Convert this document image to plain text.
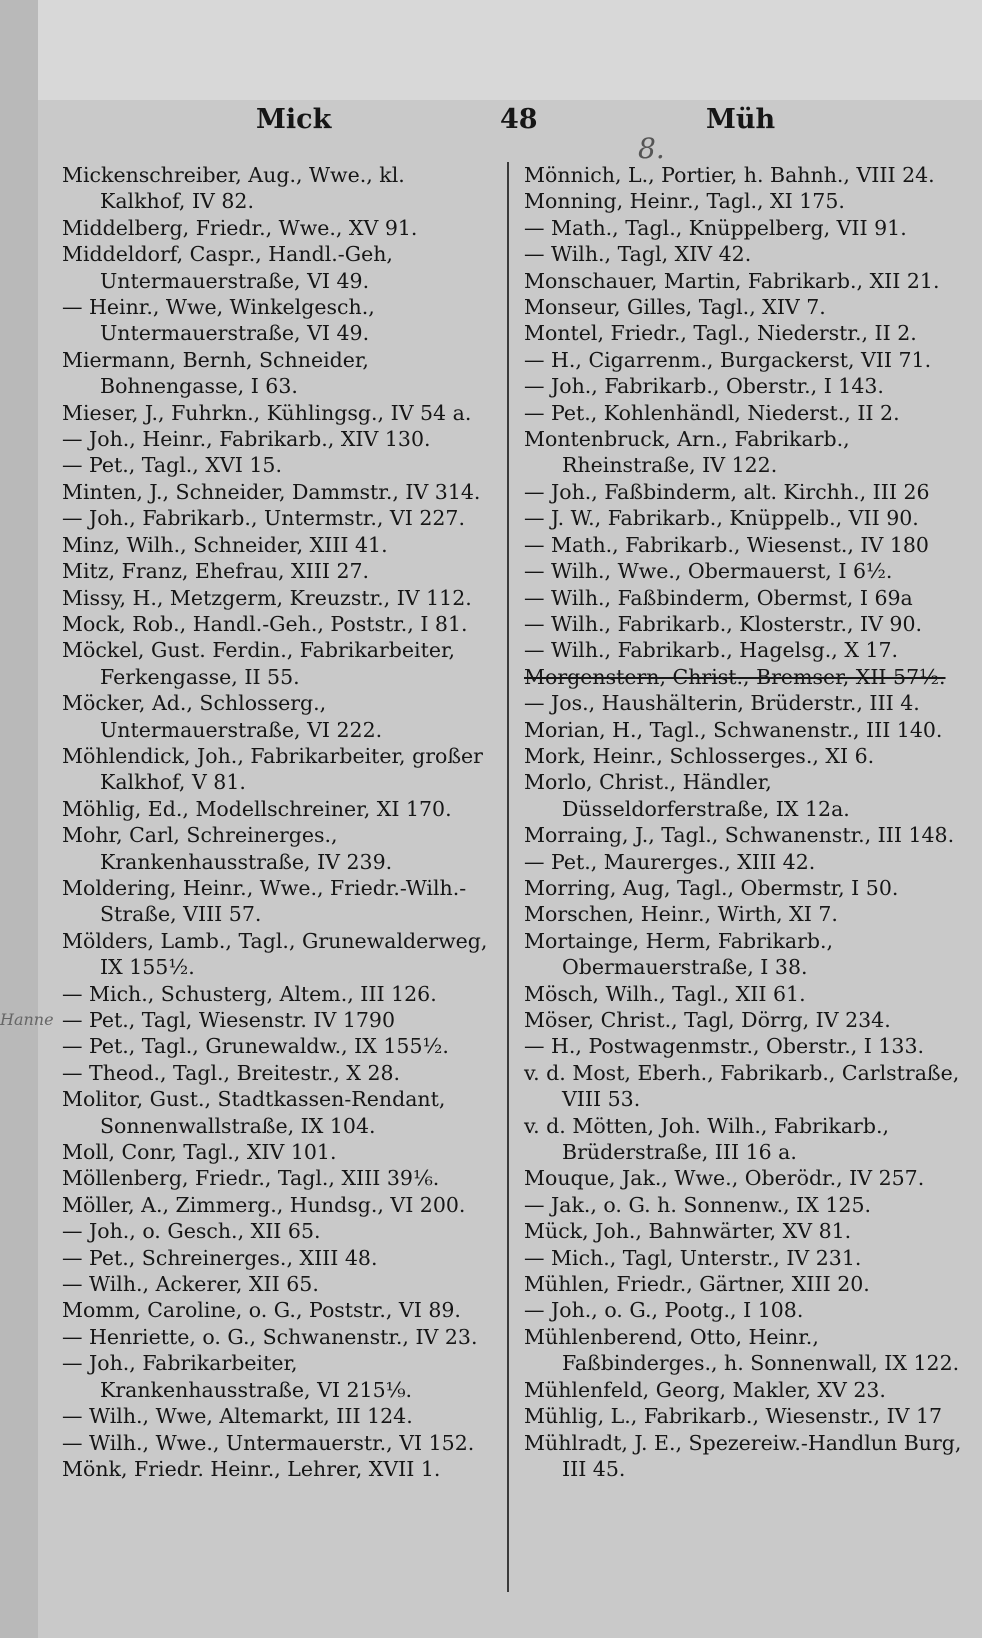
Mick	48	Müh
8.
Hanne
Mickenschreiber, Aug., Wwe., kl. Kalkhof, IV 82.
Middelberg, Friedr., Wwe., XV 91.
Middeldorf, Caspr., Handl.-Geh, Untermauerstraße, VI 49.
— Heinr., Wwe, Winkelgesch., Untermauerstraße, VI 49.
Miermann, Bernh, Schneider, Bohnengasse, I 63.
Mieser, J., Fuhrkn., Kühlingsg., IV 54 a.
— Joh., Heinr., Fabrikarb., XIV 130.
— Pet., Tagl., XVI 15.
Minten, J., Schneider, Dammstr., IV 314.
— Joh., Fabrikarb., Untermstr., VI 227.
Minz, Wilh., Schneider, XIII 41.
Mitz, Franz, Ehefrau, XIII 27.
Missy, H., Metzgerm, Kreuzstr., IV 112.
Mock, Rob., Handl.-Geh., Poststr., I 81.
Möckel, Gust. Ferdin., Fabrikarbeiter, Ferkengasse, II 55.
Möcker, Ad., Schlosserg., Untermauerstraße, VI 222.
Möhlendick, Joh., Fabrikarbeiter, großer Kalkhof, V 81.
Möhlig, Ed., Modellschreiner, XI 170.
Mohr, Carl, Schreinerges., Krankenhausstraße, IV 239.
Moldering, Heinr., Wwe., Friedr.-Wilh.-Straße, VIII 57.
Mölders, Lamb., Tagl., Grunewalderweg, IX 155½.
— Mich., Schusterg, Altem., III 126.
— Pet., Tagl, Wiesenstr. IV 1790
— Pet., Tagl., Grunewaldw., IX 155½.
— Theod., Tagl., Breitestr., X 28.
Molitor, Gust., Stadtkassen-Rendant, Sonnenwallstraße, IX 104.
Moll, Conr, Tagl., XIV 101.
Möllenberg, Friedr., Tagl., XIII 39⅙.
Möller, A., Zimmerg., Hundsg., VI 200.
— Joh., o. Gesch., XII 65.
— Pet., Schreinerges., XIII 48.
— Wilh., Ackerer, XII 65.
Momm, Caroline, o. G., Poststr., VI 89.
— Henriette, o. G., Schwanenstr., IV 23.
— Joh., Fabrikarbeiter, Krankenhausstraße, VI 215⅑.
— Wilh., Wwe, Altemarkt, III 124.
— Wilh., Wwe., Untermauerstr., VI 152.
Mönk, Friedr. Heinr., Lehrer, XVII 1.
Mönnich, L., Portier, h. Bahnh., VIII 24.
Monning, Heinr., Tagl., XI 175.
— Math., Tagl., Knüppelberg, VII 91.
— Wilh., Tagl, XIV 42.
Monschauer, Martin, Fabrikarb., XII 21.
Monseur, Gilles, Tagl., XIV 7.
Montel, Friedr., Tagl., Niederstr., II 2.
— H., Cigarrenm., Burgackerst, VII 71.
— Joh., Fabrikarb., Oberstr., I 143.
— Pet., Kohlenhändl, Niederst., II 2.
Montenbruck, Arn., Fabrikarb., Rheinstraße, IV 122.
— Joh., Faßbinderm, alt. Kirchh., III 26
— J. W., Fabrikarb., Knüppelb., VII 90.
— Math., Fabrikarb., Wiesenst., IV 180
— Wilh., Wwe., Obermauerst, I 6½.
— Wilh., Faßbinderm, Obermst, I 69a
— Wilh., Fabrikarb., Klosterstr., IV 90.
— Wilh., Fabrikarb., Hagelsg., X 17.
Morgenstern, Christ., Bremser, XII 57½.
— Jos., Haushälterin, Brüderstr., III 4.
Morian, H., Tagl., Schwanenstr., III 140.
Mork, Heinr., Schlosserges., XI 6.
Morlo, Christ., Händler, Düsseldorferstraße, IX 12a.
Morraing, J., Tagl., Schwanenstr., III 148.
— Pet., Maurerges., XIII 42.
Morring, Aug, Tagl., Obermstr, I 50.
Morschen, Heinr., Wirth, XI 7.
Mortainge, Herm, Fabrikarb., Obermauerstraße, I 38.
Mösch, Wilh., Tagl., XII 61.
Möser, Christ., Tagl, Dörrg, IV 234.
— H., Postwagenmstr., Oberstr., I 133.
v. d. Most, Eberh., Fabrikarb., Carlstraße, VIII 53.
v. d. Mötten, Joh. Wilh., Fabrikarb., Brüderstraße, III 16 a.
Mouque, Jak., Wwe., Oberödr., IV 257.
— Jak., o. G. h. Sonnenw., IX 125.
Mück, Joh., Bahnwärter, XV 81.
— Mich., Tagl, Unterstr., IV 231.
Mühlen, Friedr., Gärtner, XIII 20.
— Joh., o. G., Pootg., I 108.
Mühlenberend, Otto, Heinr., Faßbinderges., h. Sonnenwall, IX 122.
Mühlenfeld, Georg, Makler, XV 23.
Mühlig, L., Fabrikarb., Wiesenstr., IV 17
Mühlradt, J. E., Spezereiw.-Handlun Burg, III 45.
